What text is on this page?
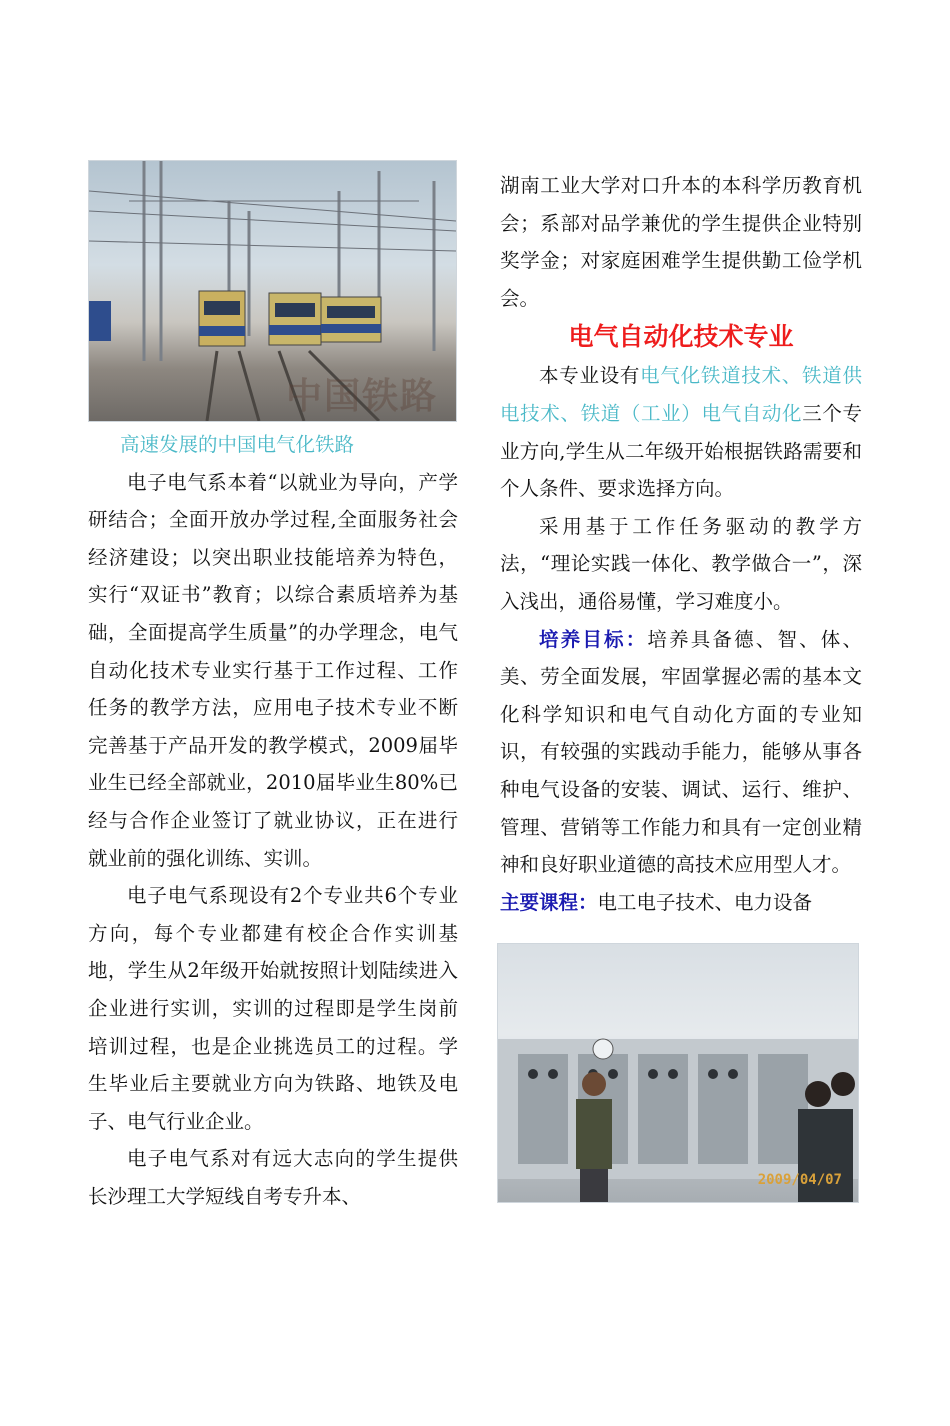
中国铁路
高速发展的中国电气化铁路

电子电气系本着“以就业为导向，产学研结合；全面开放办学过程,全面服务社会经济建设；以突出职业技能培养为特色，实行“双证书”教育；以综合素质培养为基础，全面提高学生质量”的办学理念，电气自动化技术专业实行基于工作过程、工作任务的教学方法，应用电子技术专业不断完善基于产品开发的教学模式，2009届毕业生已经全部就业，2010届毕业生80%已经与合作企业签订了就业协议，正在进行就业前的强化训练、实训。

电子电气系现设有2个专业共6个专业方向，每个专业都建有校企合作实训基地，学生从2年级开始就按照计划陆续进入企业进行实训，实训的过程即是学生岗前培训过程，也是企业挑选员工的过程。学生毕业后主要就业方向为铁路、地铁及电子、电气行业企业。

电子电气系对有远大志向的学生提供长沙理工大学短线自考专升本、

湖南工业大学对口升本的本科学历教育机会；系部对品学兼优的学生提供企业特别奖学金；对家庭困难学生提供勤工俭学机会。

电气自动化技术专业

本专业设有电气化铁道技术、铁道供电技术、铁道（工业）电气自动化三个专业方向,学生从二年级开始根据铁路需要和个人条件、要求选择方向。

采用基于工作任务驱动的教学方法，“理论实践一体化、教学做合一”，深入浅出，通俗易懂，学习难度小。

培养目标：培养具备德、智、体、美、劳全面发展，牢固掌握必需的基本文化科学知识和电气自动化方面的专业知识，有较强的实践动手能力，能够从事各种电气设备的安装、调试、运行、维护、管理、营销等工作能力和具有一定创业精神和良好职业道德的高技术应用型人才。

主要课程：电工电子技术、电力设备

2009/04/07
